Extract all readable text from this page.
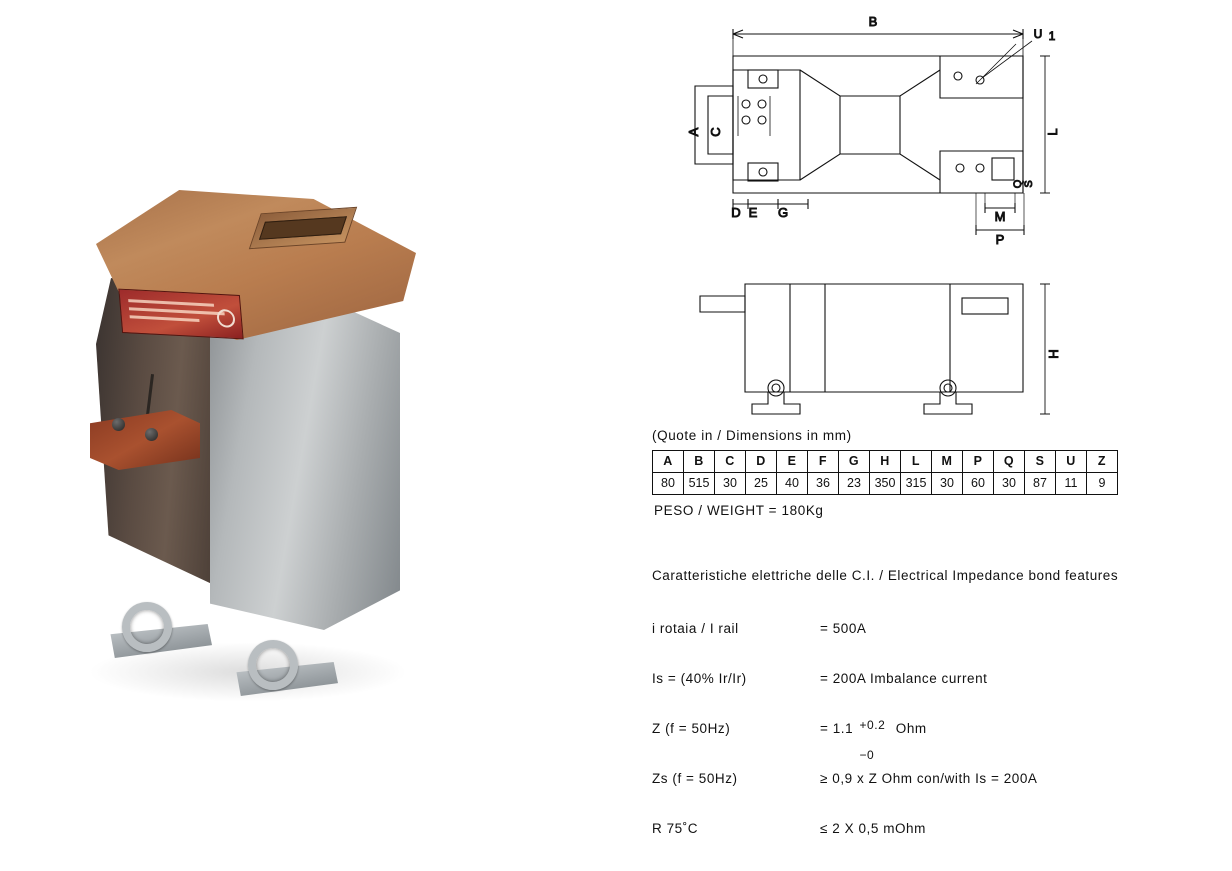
B
A C
D E G
L
M
P
U 1
Q S
H
(Quote in / Dimensions in mm)
A	B	C	D	E	F	G	H	L	M	P	Q	S	U	Z
80	515	30	25	40	36	23	350	315	30	60	30	87	11	9
PESO / WEIGHT = 180Kg
Caratteristiche elettriche delle C.I. / Electrical Impedance bond features
i rotaia / I rail	= 500A
Is = (40% Ir/Ir)	= 200A Imbalance current
Z (f = 50Hz)	= 1.1 +0.2
−0
Ohm
Zs (f = 50Hz)	≥ 0,9 x Z Ohm con/with Is = 200A
R 75˚C	≤ 2 X 0,5 mOhm
